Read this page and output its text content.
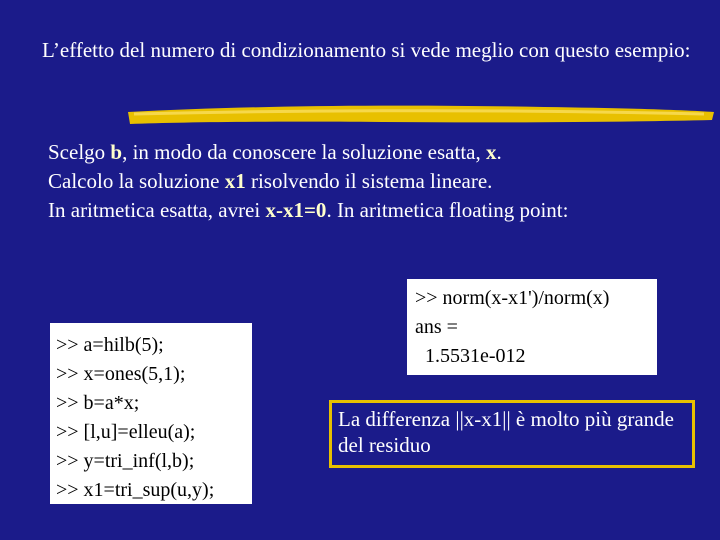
L’effetto del numero di condizionamento si vede meglio con questo esempio:
Scelgo b, in modo da conoscere la soluzione esatta, x.
Calcolo la soluzione x1 risolvendo il sistema lineare.
In aritmetica esatta, avrei x-x1=0. In aritmetica floating point:
>> a=hilb(5);
>> x=ones(5,1);
>> b=a*x;
>> [l,u]=elleu(a);
>> y=tri_inf(l,b);
>> x1=tri_sup(u,y);
>> norm(x-x1')/norm(x)
ans =
1.5531e-012
La differenza ||x-x1|| è molto più grande del residuo
